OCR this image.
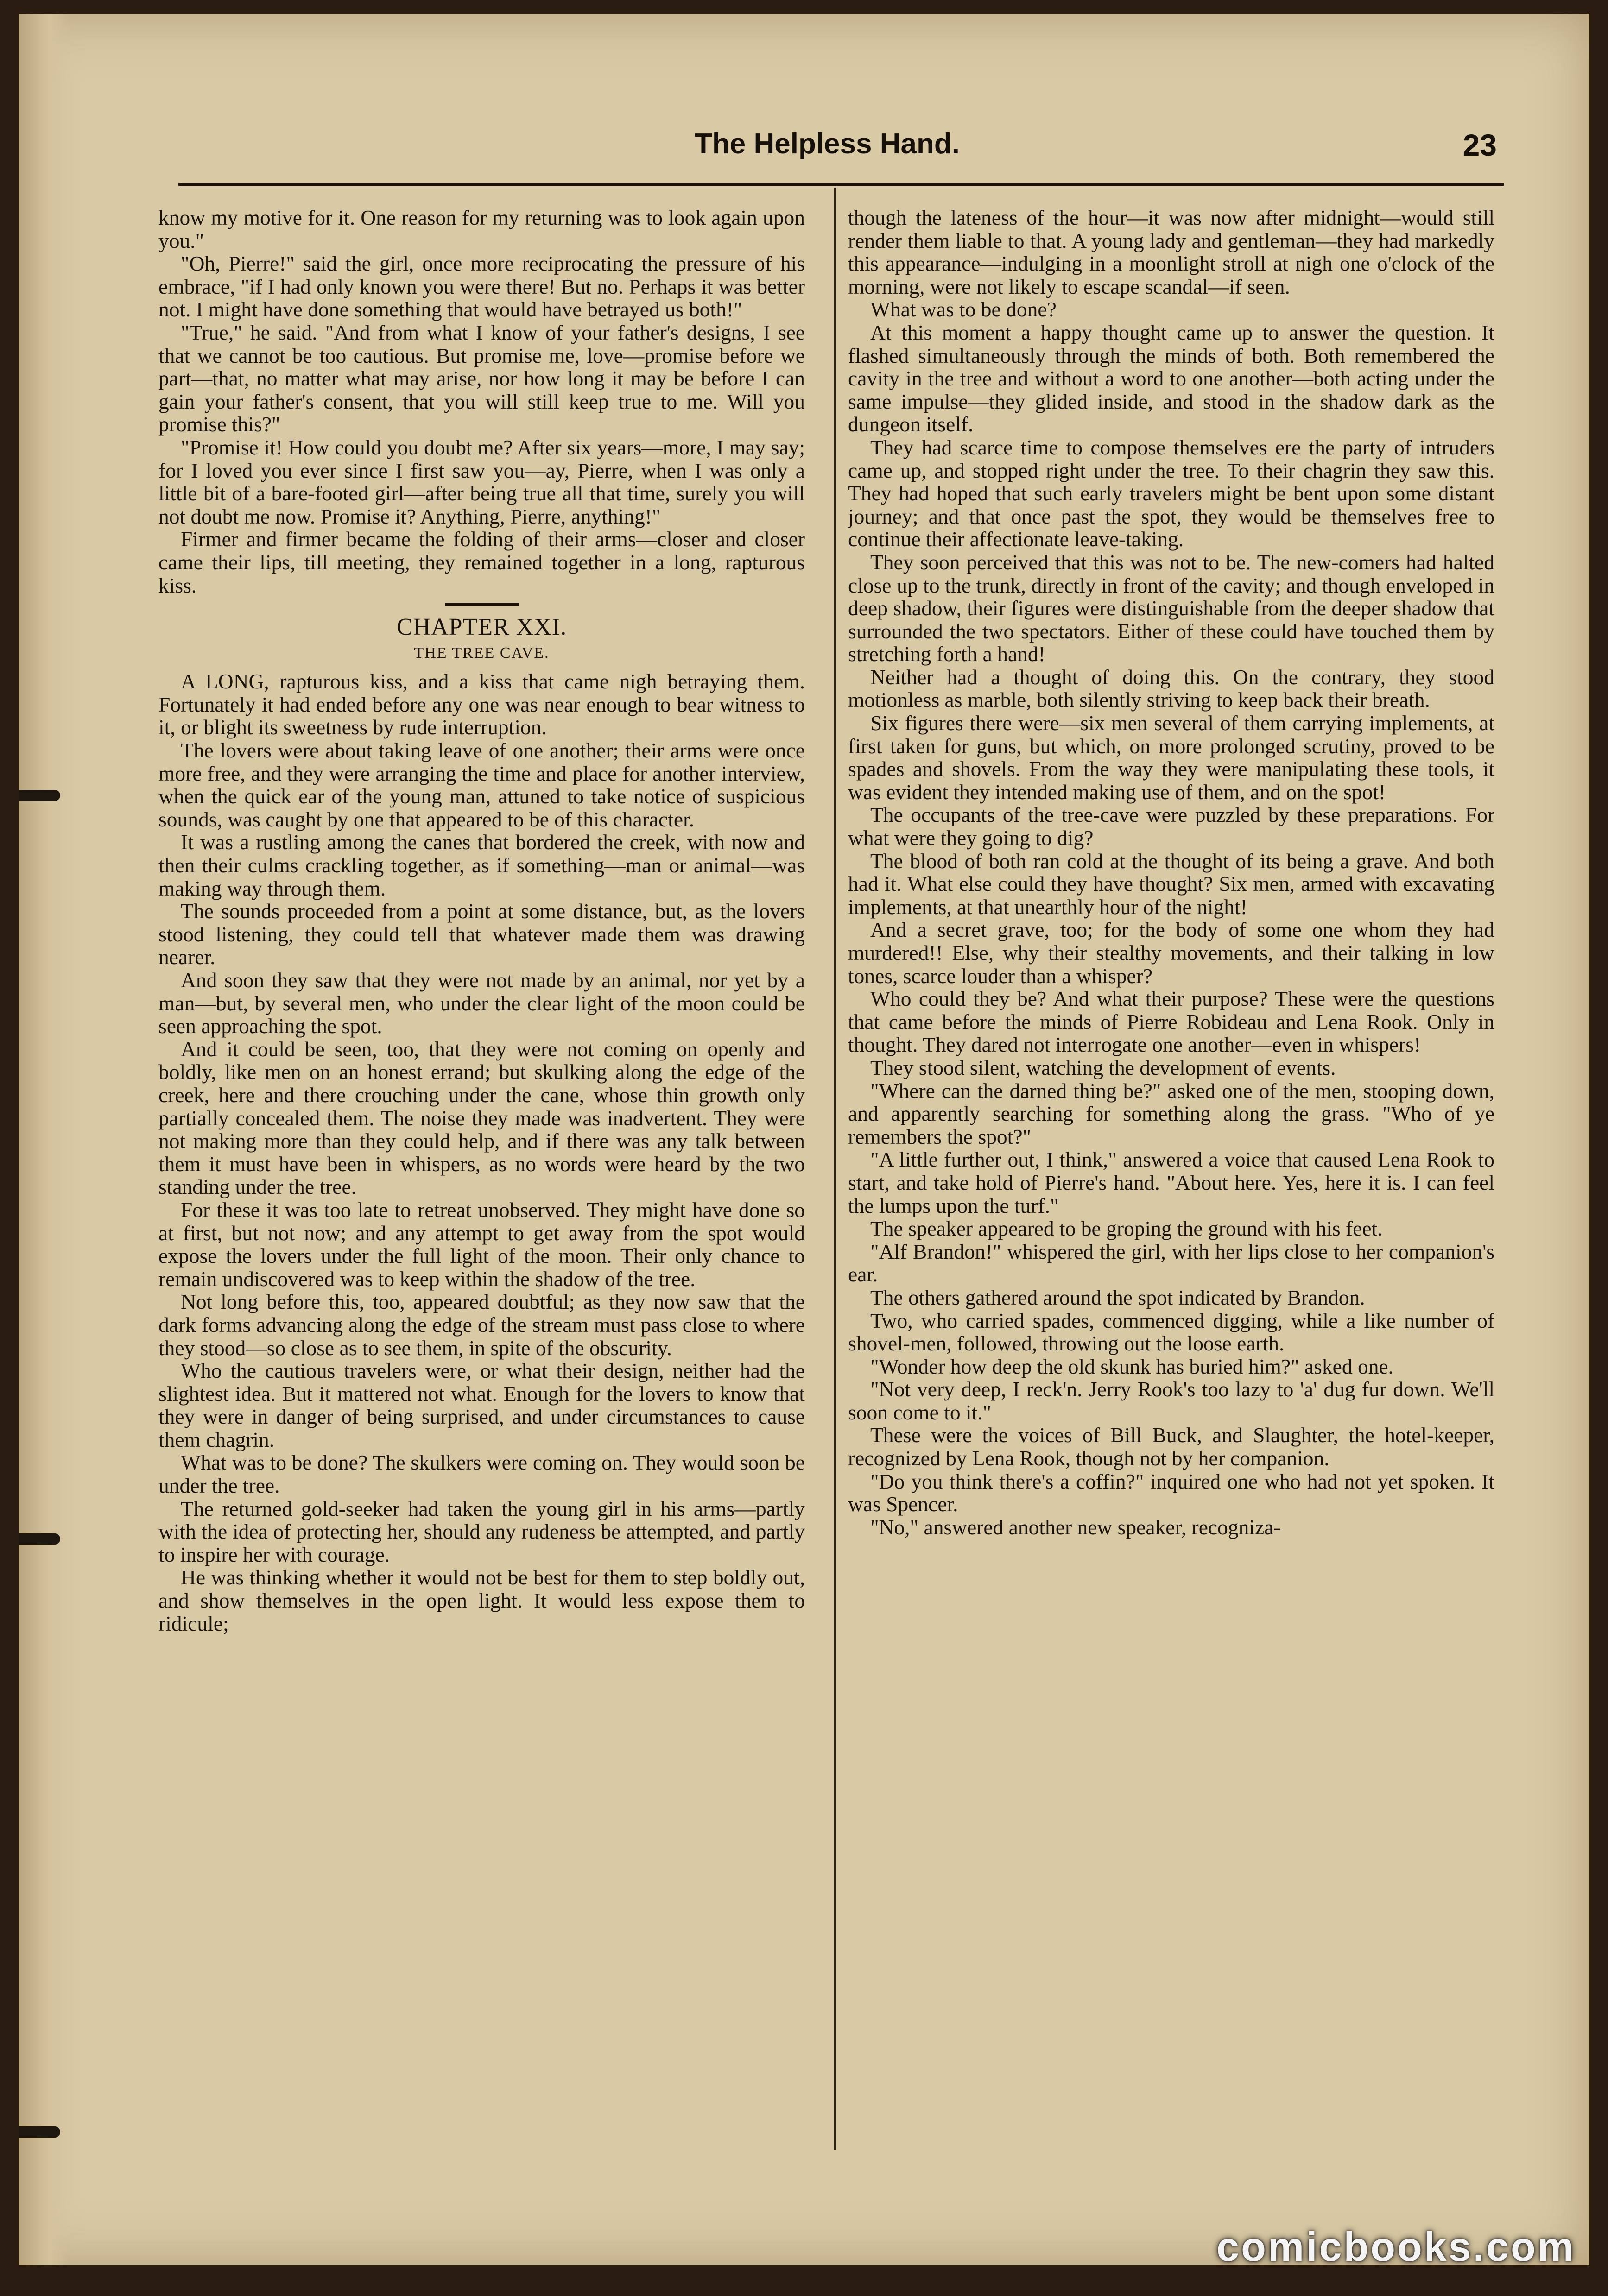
The Helpless Hand.	23

know my motive for it. One reason for my returning was to look again upon you."

"Oh, Pierre!" said the girl, once more reciprocating the pressure of his embrace, "if I had only known you were there! But no. Perhaps it was better not. I might have done something that would have betrayed us both!"

"True," he said. "And from what I know of your father's designs, I see that we cannot be too cautious. But promise me, love—promise before we part—that, no matter what may arise, nor how long it may be before I can gain your father's consent, that you will still keep true to me. Will you promise this?"

"Promise it! How could you doubt me? After six years—more, I may say; for I loved you ever since I first saw you—ay, Pierre, when I was only a little bit of a bare-footed girl—after being true all that time, surely you will not doubt me now. Promise it? Anything, Pierre, anything!"

Firmer and firmer became the folding of their arms—closer and closer came their lips, till meeting, they remained together in a long, rapturous kiss.

CHAPTER XXI.
THE TREE CAVE.

A LONG, rapturous kiss, and a kiss that came nigh betraying them. Fortunately it had ended before any one was near enough to bear witness to it, or blight its sweetness by rude interruption.

The lovers were about taking leave of one another; their arms were once more free, and they were arranging the time and place for another interview, when the quick ear of the young man, attuned to take notice of suspicious sounds, was caught by one that appeared to be of this character.

It was a rustling among the canes that bordered the creek, with now and then their culms crackling together, as if something—man or animal—was making way through them.

The sounds proceeded from a point at some distance, but, as the lovers stood listening, they could tell that whatever made them was drawing nearer.

And soon they saw that they were not made by an animal, nor yet by a man—but, by several men, who under the clear light of the moon could be seen approaching the spot.

And it could be seen, too, that they were not coming on openly and boldly, like men on an honest errand; but skulking along the edge of the creek, here and there crouching under the cane, whose thin growth only partially concealed them. The noise they made was inadvertent. They were not making more than they could help, and if there was any talk between them it must have been in whispers, as no words were heard by the two standing under the tree.

For these it was too late to retreat unobserved. They might have done so at first, but not now; and any attempt to get away from the spot would expose the lovers under the full light of the moon. Their only chance to remain undiscovered was to keep within the shadow of the tree.

Not long before this, too, appeared doubtful; as they now saw that the dark forms advancing along the edge of the stream must pass close to where they stood—so close as to see them, in spite of the obscurity.

Who the cautious travelers were, or what their design, neither had the slightest idea. But it mattered not what. Enough for the lovers to know that they were in danger of being surprised, and under circumstances to cause them chagrin.

What was to be done? The skulkers were coming on. They would soon be under the tree.

The returned gold-seeker had taken the young girl in his arms—partly with the idea of protecting her, should any rudeness be attempted, and partly to inspire her with courage.

He was thinking whether it would not be best for them to step boldly out, and show themselves in the open light. It would less expose them to ridicule;

though the lateness of the hour—it was now after midnight—would still render them liable to that. A young lady and gentleman—they had markedly this appearance—indulging in a moonlight stroll at nigh one o'clock of the morning, were not likely to escape scandal—if seen.

What was to be done?

At this moment a happy thought came up to answer the question. It flashed simultaneously through the minds of both. Both remembered the cavity in the tree and without a word to one another—both acting under the same impulse—they glided inside, and stood in the shadow dark as the dungeon itself.

They had scarce time to compose themselves ere the party of intruders came up, and stopped right under the tree. To their chagrin they saw this. They had hoped that such early travelers might be bent upon some distant journey; and that once past the spot, they would be themselves free to continue their affectionate leave-taking.

They soon perceived that this was not to be. The new-comers had halted close up to the trunk, directly in front of the cavity; and though enveloped in deep shadow, their figures were distinguishable from the deeper shadow that surrounded the two spectators. Either of these could have touched them by stretching forth a hand!

Neither had a thought of doing this. On the contrary, they stood motionless as marble, both silently striving to keep back their breath.

Six figures there were—six men several of them carrying implements, at first taken for guns, but which, on more prolonged scrutiny, proved to be spades and shovels. From the way they were manipulating these tools, it was evident they intended making use of them, and on the spot!

The occupants of the tree-cave were puzzled by these preparations. For what were they going to dig?

The blood of both ran cold at the thought of its being a grave. And both had it. What else could they have thought? Six men, armed with excavating implements, at that unearthly hour of the night!

And a secret grave, too; for the body of some one whom they had murdered!! Else, why their stealthy movements, and their talking in low tones, scarce louder than a whisper?

Who could they be? And what their purpose? These were the questions that came before the minds of Pierre Robideau and Lena Rook. Only in thought. They dared not interrogate one another—even in whispers!

They stood silent, watching the development of events.

"Where can the darned thing be?" asked one of the men, stooping down, and apparently searching for something along the grass. "Who of ye remembers the spot?"

"A little further out, I think," answered a voice that caused Lena Rook to start, and take hold of Pierre's hand. "About here. Yes, here it is. I can feel the lumps upon the turf."

The speaker appeared to be groping the ground with his feet.

"Alf Brandon!" whispered the girl, with her lips close to her companion's ear.

The others gathered around the spot indicated by Brandon.

Two, who carried spades, commenced digging, while a like number of shovel-men, followed, throwing out the loose earth.

"Wonder how deep the old skunk has buried him?" asked one.

"Not very deep, I reck'n. Jerry Rook's too lazy to 'a' dug fur down. We'll soon come to it."

These were the voices of Bill Buck, and Slaughter, the hotel-keeper, recognized by Lena Rook, though not by her companion.

"Do you think there's a coffin?" inquired one who had not yet spoken. It was Spencer.

"No," answered another new speaker, recogniza-

comicbooks.com
